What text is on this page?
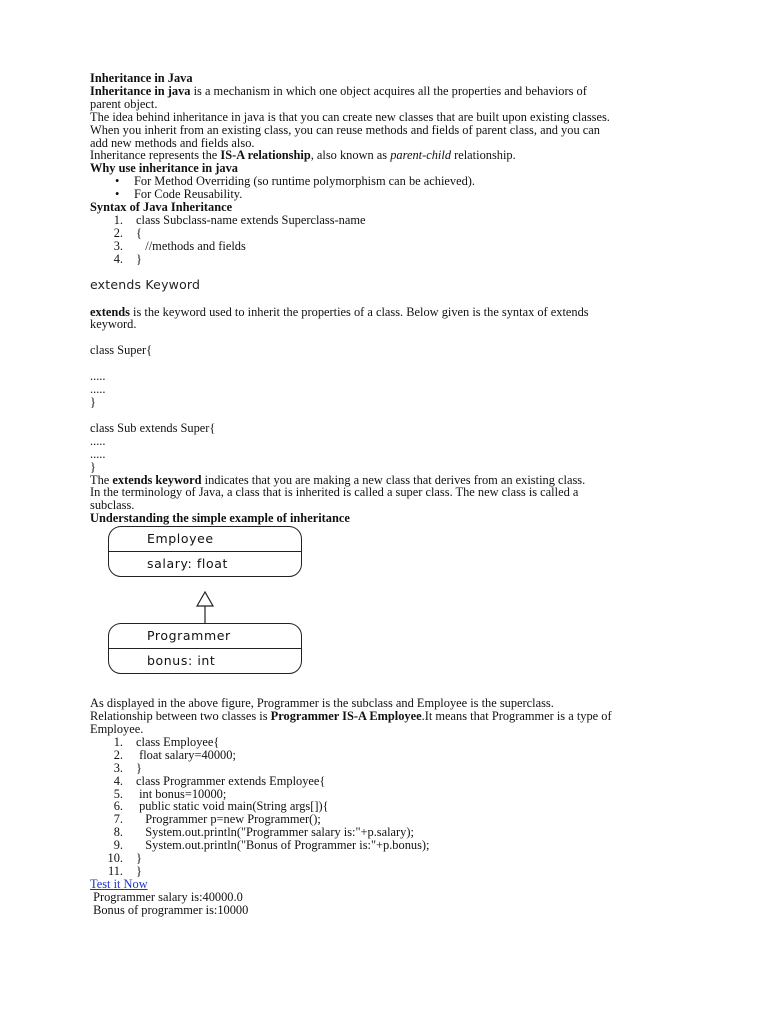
Inheritance in Java

Inheritance in java is a mechanism in which one object acquires all the properties and behaviors of
parent object.

The idea behind inheritance in java is that you can create new classes that are built upon existing classes.
When you inherit from an existing class, you can reuse methods and fields of parent class, and you can
add new methods and fields also.

Inheritance represents the IS-A relationship, also known as parent-child relationship.

Why use inheritance in java

• For Method Overriding (so runtime polymorphism can be achieved).
• For Code Reusability.

Syntax of Java Inheritance

1. class Subclass-name extends Superclass-name
2. {
3. //methods and fields
4. }
extends Keyword

extends is the keyword used to inherit the properties of a class. Below given is the syntax of extends
keyword.

class Super{

.....

.....

}

class Sub extends Super{

.....

.....

}

The extends keyword indicates that you are making a new class that derives from an existing class.

In the terminology of Java, a class that is inherited is called a super class. The new class is called a
subclass.

Understanding the simple example of inheritance

Employee
salary: float
Programmer
bonus: int

As displayed in the above figure, Programmer is the subclass and Employee is the superclass.
Relationship between two classes is Programmer IS-A Employee.It means that Programmer is a type of
Employee.

1. class Employee{
2. float salary=40000;
3. }
4. class Programmer extends Employee{
5. int bonus=10000;
6. public static void main(String args[]){
7. Programmer p=new Programmer();
8. System.out.println("Programmer salary is:"+p.salary);
9. System.out.println("Bonus of Programmer is:"+p.bonus);
10. }
11. }

Test it Now

Programmer salary is:40000.0

Bonus of programmer is:10000
